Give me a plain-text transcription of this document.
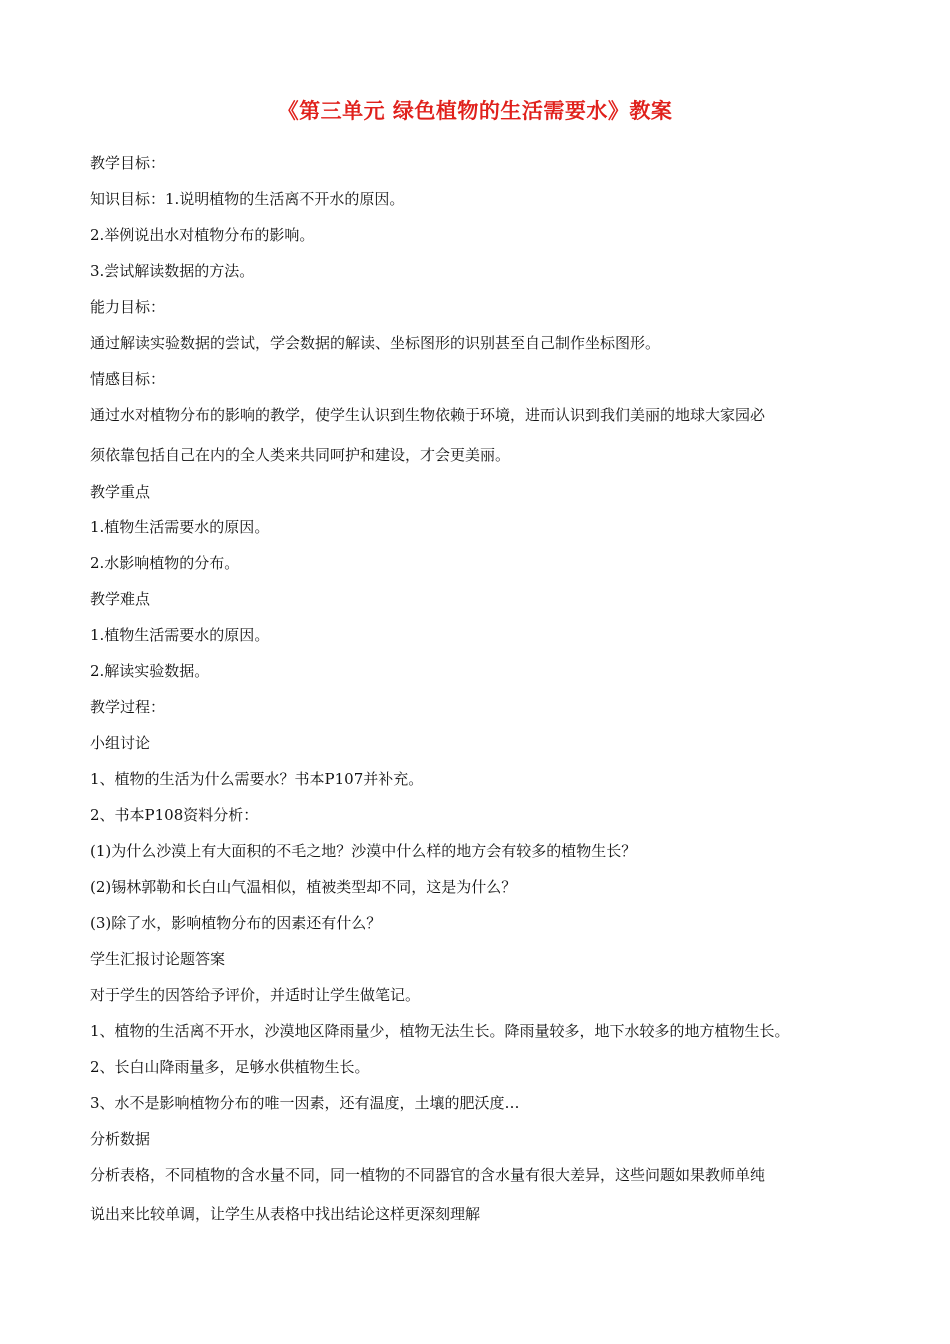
《第三单元 绿色植物的生活需要水》教案
教学目标：
知识目标：1.说明植物的生活离不开水的原因。
2.举例说出水对植物分布的影响。
3.尝试解读数据的方法。
能力目标：
通过解读实验数据的尝试，学会数据的解读、坐标图形的识别甚至自己制作坐标图形。
情感目标：
通过水对植物分布的影响的教学，使学生认识到生物依赖于环境，进而认识到我们美丽的地球大家园必
须依靠包括自己在内的全人类来共同呵护和建设，才会更美丽。
教学重点
1.植物生活需要水的原因。
2.水影响植物的分布。
教学难点
1.植物生活需要水的原因。
2.解读实验数据。
教学过程：
小组讨论
1、植物的生活为什么需要水？书本P107并补充。
2、书本P108资料分析：
(1)为什么沙漠上有大面积的不毛之地？沙漠中什么样的地方会有较多的植物生长？
(2)锡林郭勒和长白山气温相似，植被类型却不同，这是为什么？
(3)除了水，影响植物分布的因素还有什么？
学生汇报讨论题答案
对于学生的因答给予评价，并适时让学生做笔记。
1、植物的生活离不开水，沙漠地区降雨量少，植物无法生长。降雨量较多，地下水较多的地方植物生长。
2、长白山降雨量多，足够水供植物生长。
3、水不是影响植物分布的唯一因素，还有温度，土壤的肥沃度…
分析数据
分析表格，不同植物的含水量不同，同一植物的不同器官的含水量有很大差异，这些问题如果教师单纯
说出来比较单调，让学生从表格中找出结论这样更深刻理解
